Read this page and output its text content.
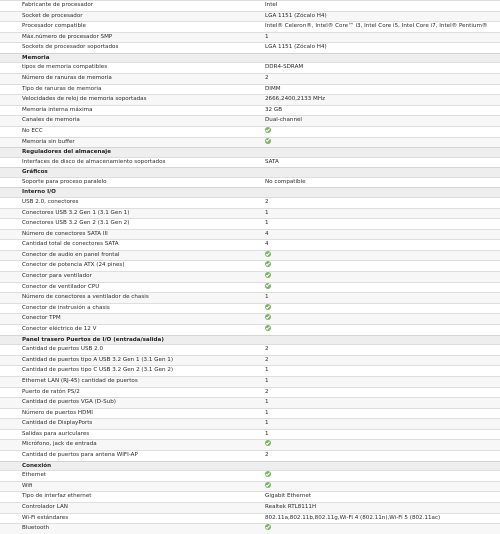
Fabricante de procesador	Intel
Socket de procesador	LGA 1151 (Zócalo H4)
Procesador compatible	Intel® Celeron®, Intel® Core™ i3, Intel Core i5, Intel Core i7, Intel® Pentium®
Máx.número de procesador SMP	1
Sockets de procesador soportados	LGA 1151 (Zócalo H4)
Memoria
tipos de memoria compatibles	DDR4-SDRAM
Número de ranuras de memoria	2
Tipo de ranuras de memoria	DIMM
Velocidades de reloj de memoria soportadas	2666,2400,2133 MHz
Memoria interna máxima	32 GB
Canales de memoria	Dual-channel
No ECC
Memoria sin buffer
Reguladores del almacenaje
Interfaces de disco de almacenamiento soportados	SATA
Gráficos
Soporte para proceso paralelo	No compatible
Interno I/O
USB 2.0, conectores	2
Conectores USB 3.2 Gen 1 (3.1 Gen 1)	1
Conectores USB 3.2 Gen 2 (3.1 Gen 2)	1
Número de conectores SATA III	4
Cantidad total de conectores SATA	4
Conector de audio en panel frontal
Conector de potencia ATX (24 pines)
Conector para ventilador
Conector de ventilador CPU
Número de conectores a ventilador de chasis	1
Conector de instrusión a chasis
Conector TPM
Conector eléctrico de 12 V
Panel trasero Puertos de I/O (entrada/salida)
Cantidad de puertos USB 2.0	2
Cantidad de puertos tipo A USB 3.2 Gen 1 (3.1 Gen 1)	2
Cantidad de puertos tipo C USB 3.2 Gen 2 (3.1 Gen 2)	1
Ethernet LAN (RJ-45) cantidad de puertos	1
Puerto de ratón PS/2	2
Cantidad de puertos VGA (D-Sub)	1
Número de puertos HDMI	1
Cantidad de DisplayPorts	1
Salidas para auriculares	1
Micrófono, jack de entrada
Cantidad de puertos para antena WIFI-AP	2
Conexión
Ethernet
Wifi
Tipo de interfaz ethernet	Gigabit Ethernet
Controlador LAN	Realtek RTL8111H
Wi-Fi estándares	802.11a,802.11b,802.11g,Wi-Fi 4 (802.11n),Wi-Fi 5 (802.11ac)
Bluetooth
